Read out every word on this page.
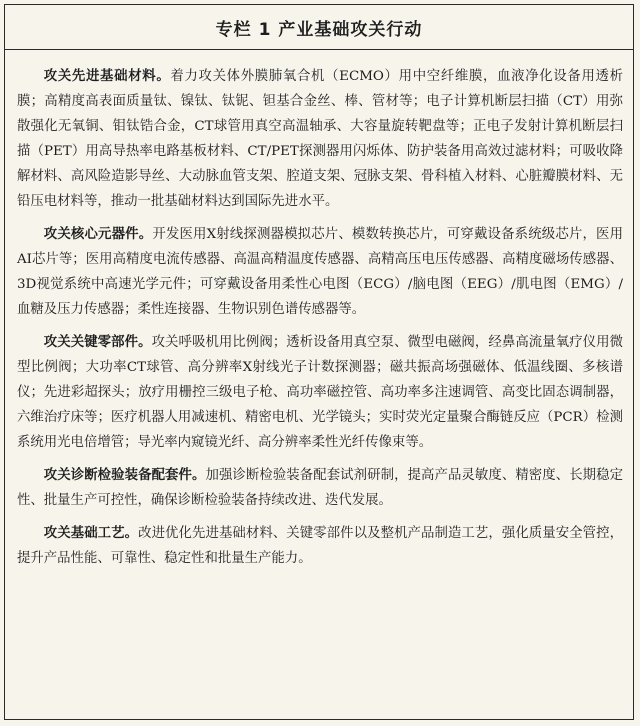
专栏 1 产业基础攻关行动

攻关先进基础材料。着力攻关体外膜肺氧合机（ECMO）用中空纤维膜，血液净化设备用透析膜；高精度高表面质量钛、镍钛、钛铌、钽基合金丝、棒、管材等；电子计算机断层扫描（CT）用弥散强化无氧铜、钼钛锆合金，CT球管用真空高温轴承、大容量旋转靶盘等；正电子发射计算机断层扫描（PET）用高导热率电路基板材料、CT/PET探测器用闪烁体、防护装备用高效过滤材料；可吸收降解材料、高风险造影导丝、大动脉血管支架、腔道支架、冠脉支架、骨科植入材料、心脏瓣膜材料、无铅压电材料等，推动一批基础材料达到国际先进水平。

攻关核心元器件。开发医用X射线探测器模拟芯片、模数转换芯片，可穿戴设备系统级芯片，医用AI芯片等；医用高精度电流传感器、高温高精温度传感器、高精高压电压传感器、高精度磁场传感器、3D视觉系统中高速光学元件；可穿戴设备用柔性心电图（ECG）/脑电图（EEG）/肌电图（EMG）/血糖及压力传感器；柔性连接器、生物识别色谱传感器等。

攻关关键零部件。攻关呼吸机用比例阀；透析设备用真空泵、微型电磁阀，经鼻高流量氧疗仪用微型比例阀；大功率CT球管、高分辨率X射线光子计数探测器；磁共振高场强磁体、低温线圈、多核谱仪；先进彩超探头；放疗用栅控三级电子枪、高功率磁控管、高功率多注速调管、高变比固态调制器，六维治疗床等；医疗机器人用减速机、精密电机、光学镜头；实时荧光定量聚合酶链反应（PCR）检测系统用光电倍增管；导光率内窥镜光纤、高分辨率柔性光纤传像束等。

攻关诊断检验装备配套件。加强诊断检验装备配套试剂研制，提高产品灵敏度、精密度、长期稳定性、批量生产可控性，确保诊断检验装备持续改进、迭代发展。

攻关基础工艺。改进优化先进基础材料、关键零部件以及整机产品制造工艺，强化质量安全管控，提升产品性能、可靠性、稳定性和批量生产能力。
